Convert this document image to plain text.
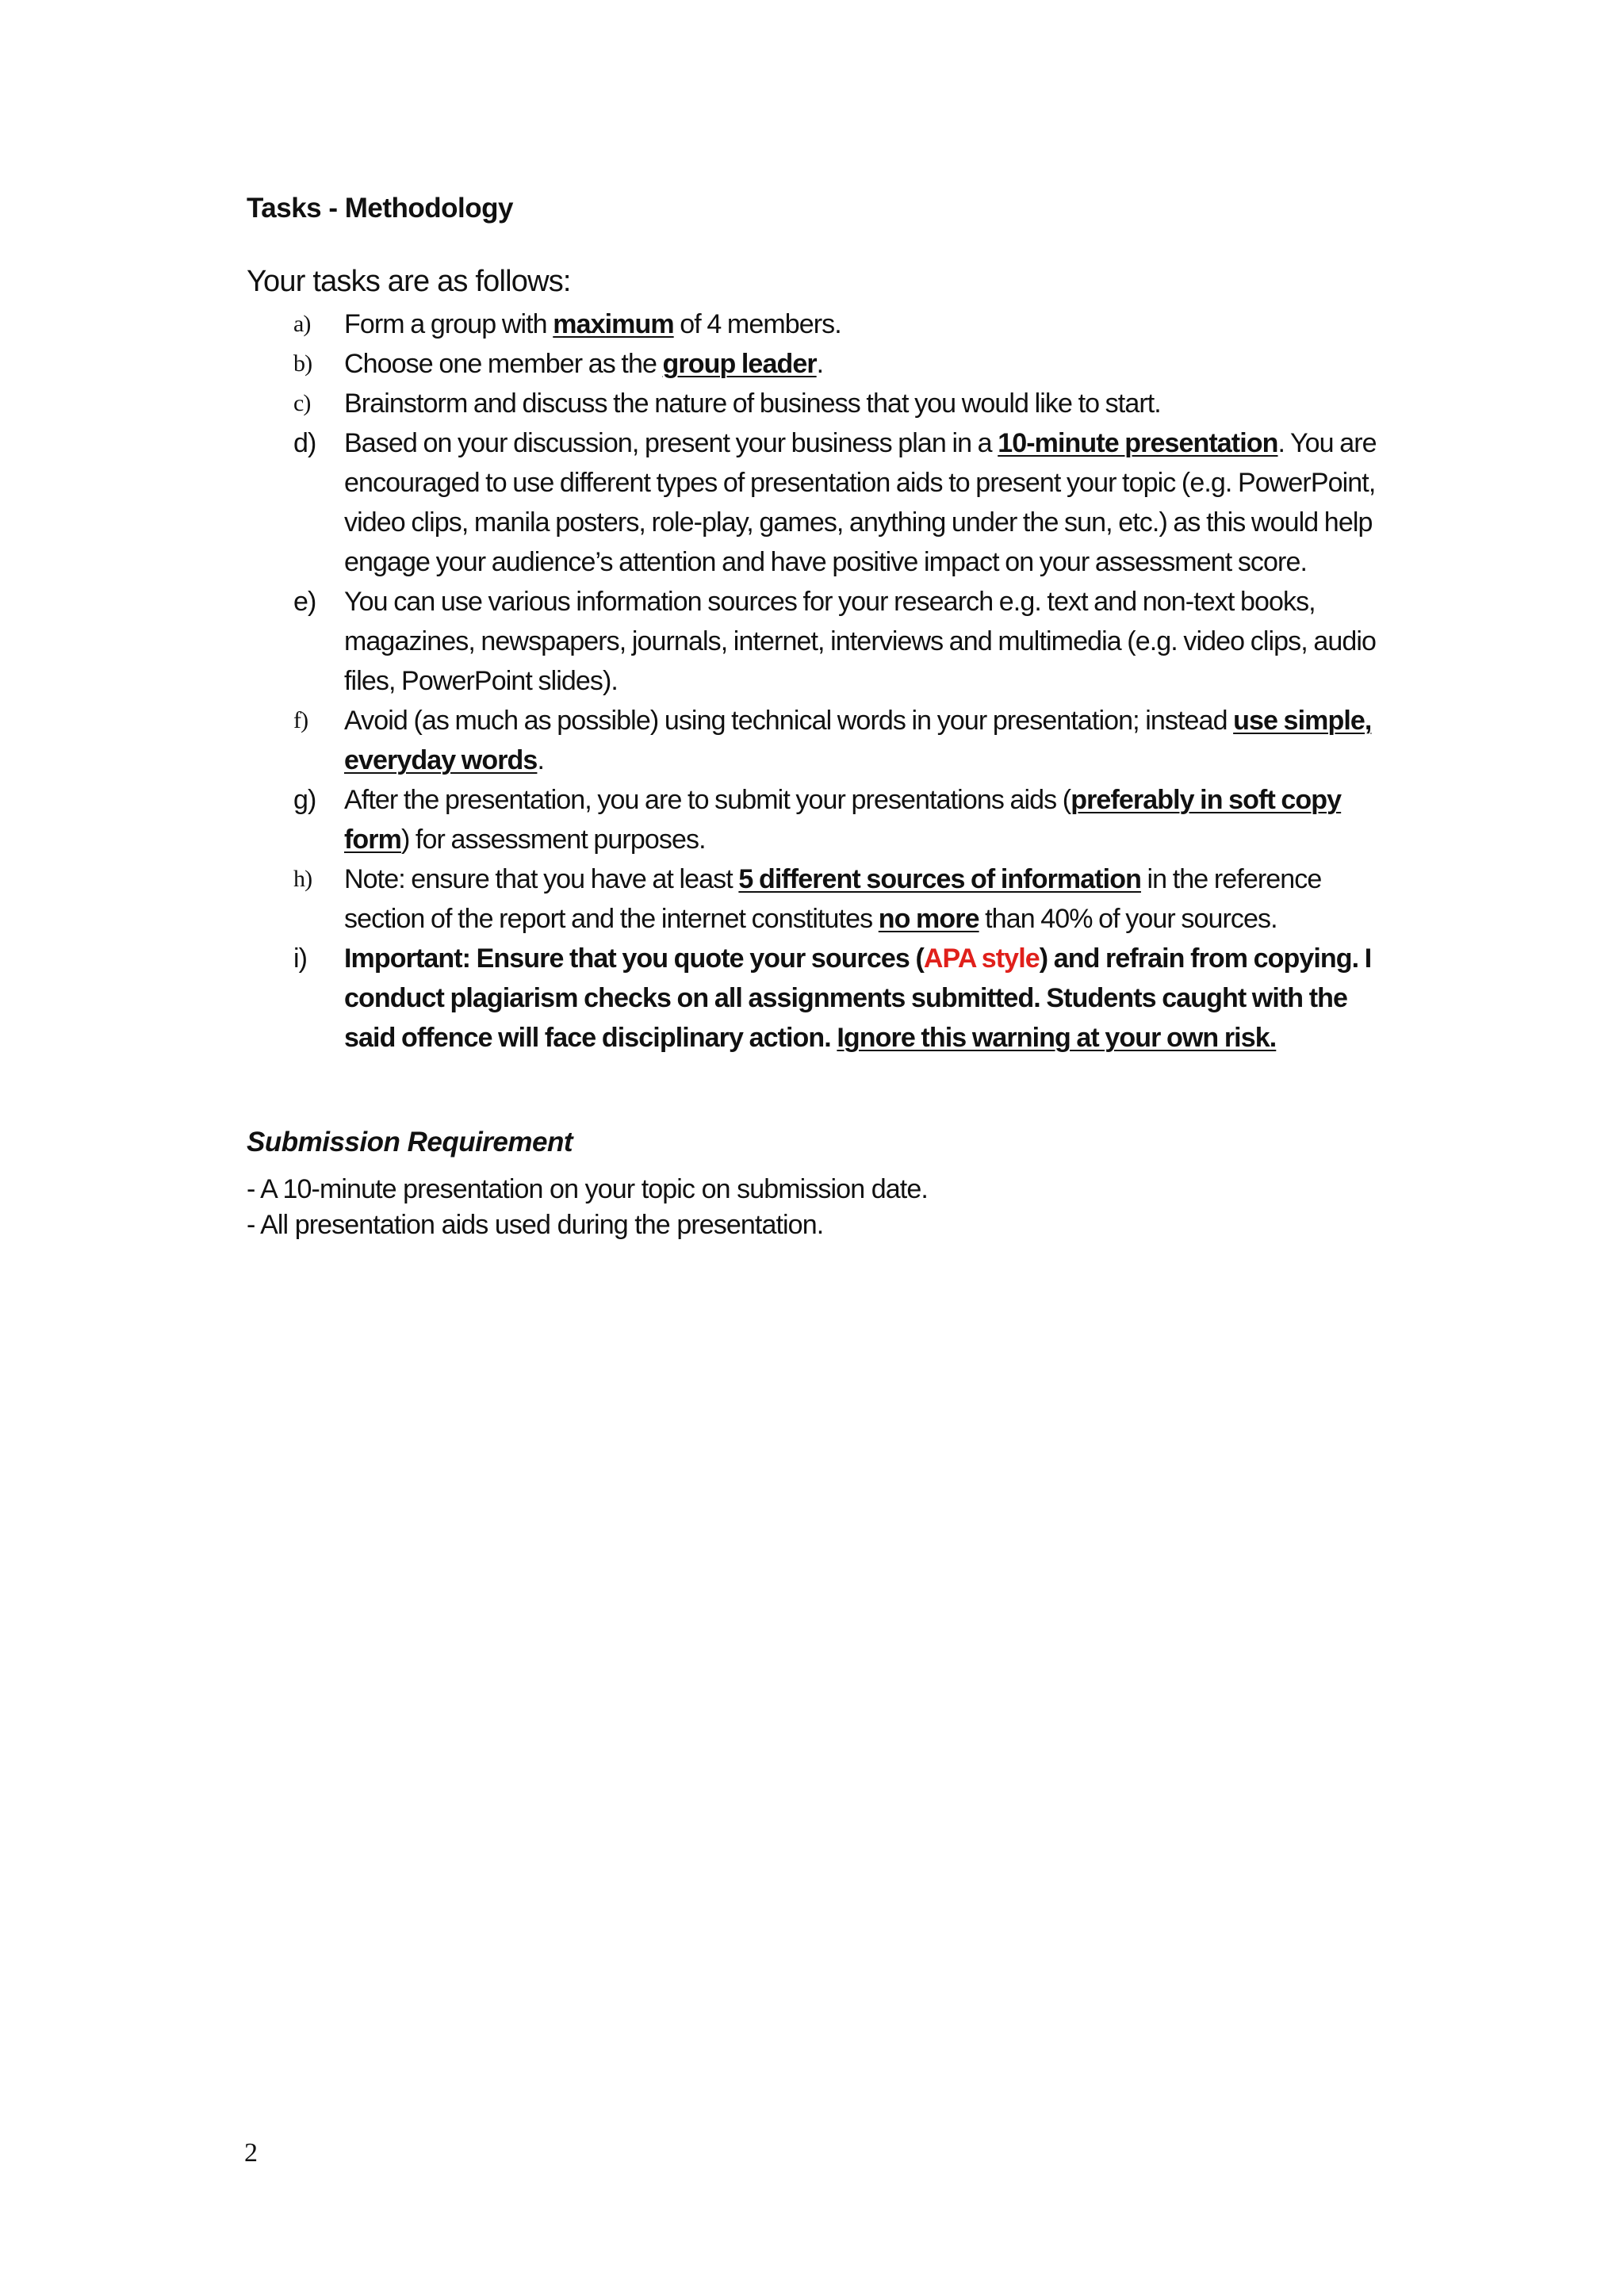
Tasks - Methodology
Your tasks are as follows:
a)	Form a group with maximum of 4 members.
b)	Choose one member as the group leader.
c)	Brainstorm and discuss the nature of business that you would like to start.
d)	Based on your discussion, present your business plan in a 10-minute presentation. You are encouraged to use different types of presentation aids to present your topic (e.g. PowerPoint, video clips, manila posters, role-play, games, anything under the sun, etc.) as this would help engage your audience’s attention and have positive impact on your assessment score.
e)	You can use various information sources for your research e.g. text and non-text books, magazines, newspapers, journals, internet, interviews and multimedia (e.g. video clips, audio files, PowerPoint slides).
f)	Avoid (as much as possible) using technical words in your presentation; instead use simple, everyday words.
g)	After the presentation, you are to submit your presentations aids (preferably in soft copy form) for assessment purposes.
h)	Note: ensure that you have at least 5 different sources of information in the reference section of the report and the internet constitutes no more than 40% of your sources.
i)	Important: Ensure that you quote your sources (APA style) and refrain from copying. I conduct plagiarism checks on all assignments submitted. Students caught with the said offence will face disciplinary action. Ignore this warning at your own risk.
Submission Requirement
- A 10-minute presentation on your topic on submission date.
- All presentation aids used during the presentation.
2
